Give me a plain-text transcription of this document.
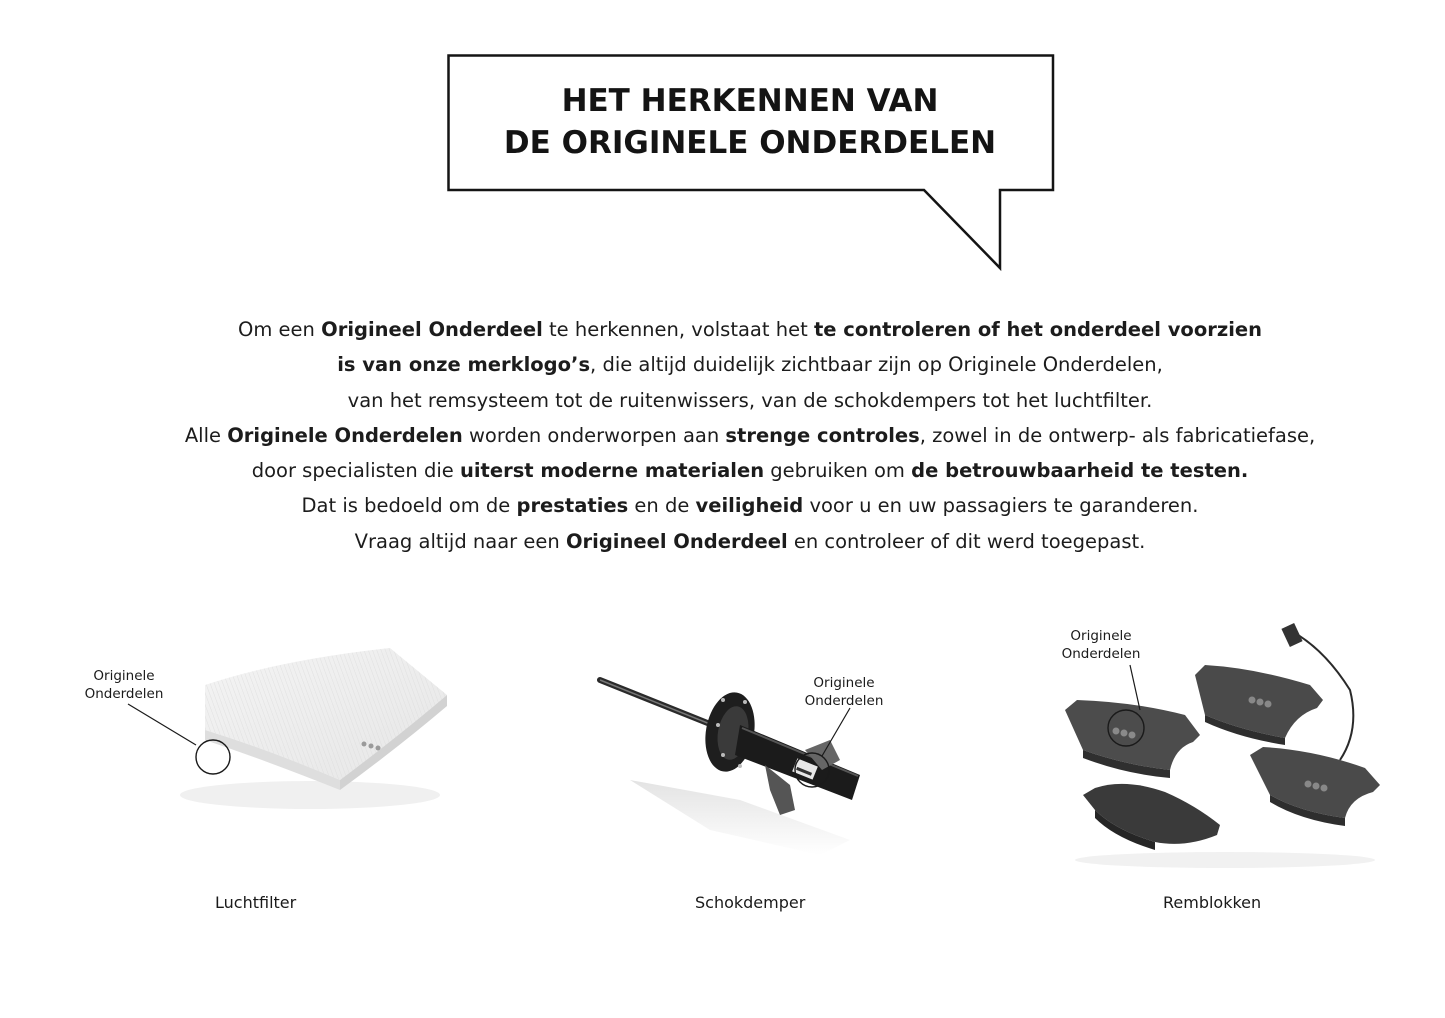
HET HERKENNEN VAN
DE ORIGINELE ONDERDELEN
Om een Origineel Onderdeel te herkennen, volstaat het te controleren of het onderdeel voorzien
is van onze merklogo’s, die altijd duidelijk zichtbaar zijn op Originele Onderdelen,
van het remsysteem tot de ruitenwissers, van de schokdempers tot het luchtfilter.
Alle Originele Onderdelen worden onderworpen aan strenge controles, zowel in de ontwerp- als fabricatiefase,
door specialisten die uiterst moderne materialen gebruiken om de betrouwbaarheid te testen.
Dat is bedoeld om de prestaties en de veiligheid voor u en uw passagiers te garanderen.
Vraag altijd naar een Origineel Onderdeel en controleer of dit werd toegepast.
Originele
Onderdelen
Luchtfilter
Originele
Onderdelen
Schokdemper
Originele
Onderdelen
Remblokken
